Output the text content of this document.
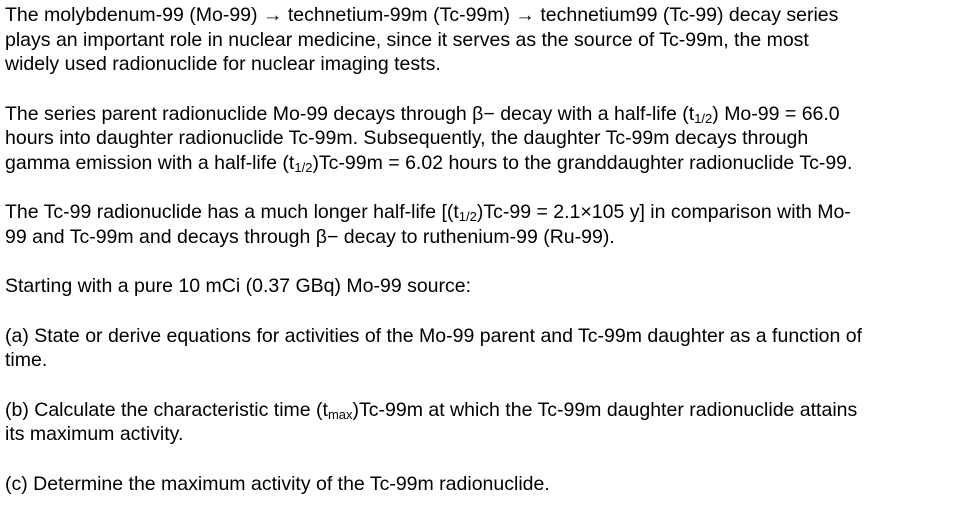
The molybdenum-99 (Mo-99) → technetium-99m (Tc-99m) → technetium99 (Tc-99) decay series
plays an important role in nuclear medicine, since it serves as the source of Tc-99m, the most
widely used radionuclide for nuclear imaging tests.

The series parent radionuclide Mo-99 decays through β− decay with a half-life (t1/2) Mo-99 = 66.0
hours into daughter radionuclide Tc-99m. Subsequently, the daughter Tc-99m decays through
gamma emission with a half-life (t1/2)Tc-99m = 6.02 hours to the granddaughter radionuclide Tc-99.

The Tc-99 radionuclide has a much longer half-life [(t1/2)Tc-99 = 2.1×105 y] in comparison with Mo-
99 and Tc-99m and decays through β− decay to ruthenium-99 (Ru-99).

Starting with a pure 10 mCi (0.37 GBq) Mo-99 source:

(a) State or derive equations for activities of the Mo-99 parent and Tc-99m daughter as a function of
time.

(b) Calculate the characteristic time (tmax)Tc-99m at which the Tc-99m daughter radionuclide attains
its maximum activity.

(c) Determine the maximum activity of the Tc-99m radionuclide.
